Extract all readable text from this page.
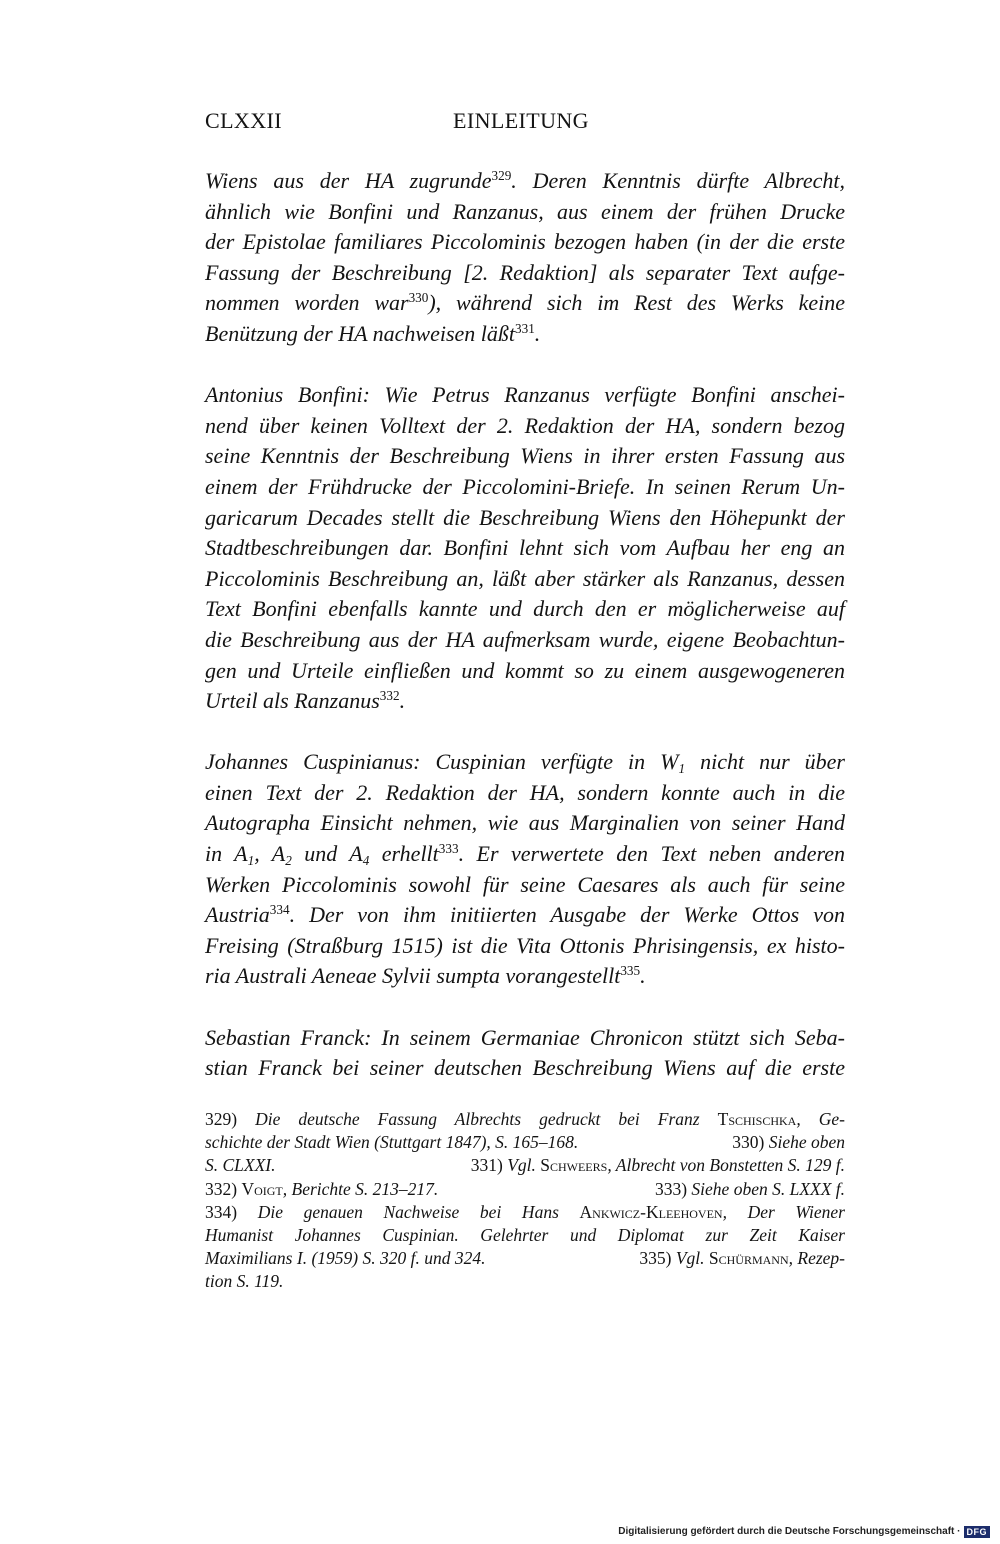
CLXXII	EINLEITUNG
Wiens aus der HA zugrunde$^{329}$. Deren Kenntnis dürfte Albrecht,
ähnlich wie Bonfini und Ranzanus, aus einem der frühen Drucke
der Epistolae familiares Piccolominis bezogen haben (in der die erste
Fassung der Beschreibung [2. Redaktion] als separater Text aufge-
nommen worden war$^{330}$), während sich im Rest des Werks keine
Benützung der HA nachweisen läßt$^{331}$.
Antonius Bonfini: Wie Petrus Ranzanus verfügte Bonfini anschei-
nend über keinen Volltext der 2. Redaktion der HA, sondern bezog
seine Kenntnis der Beschreibung Wiens in ihrer ersten Fassung aus
einem der Frühdrucke der Piccolomini-Briefe. In seinen Rerum Un-
garicarum Decades stellt die Beschreibung Wiens den Höhepunkt der
Stadtbeschreibungen dar. Bonfini lehnt sich vom Aufbau her eng an
Piccolominis Beschreibung an, läßt aber stärker als Ranzanus, dessen
Text Bonfini ebenfalls kannte und durch den er möglicherweise auf
die Beschreibung aus der HA aufmerksam wurde, eigene Beobachtun-
gen und Urteile einfließen und kommt so zu einem ausgewogeneren
Urteil als Ranzanus$^{332}$.
Johannes Cuspinianus: Cuspinian verfügte in W1 nicht nur über
einen Text der 2. Redaktion der HA, sondern konnte auch in die
Autographa Einsicht nehmen, wie aus Marginalien von seiner Hand
in A1, A2 und A4 erhellt$^{333}$. Er verwertete den Text neben anderen
Werken Piccolominis sowohl für seine Caesares als auch für seine
Austria$^{334}$. Der von ihm initiierten Ausgabe der Werke Ottos von
Freising (Straßburg 1515) ist die Vita Ottonis Phrisingensis, ex histo-
ria Australi Aeneae Sylvii sumpta vorangestellt$^{335}$.
Sebastian Franck: In seinem Germaniae Chronicon stützt sich Seba-
stian Franck bei seiner deutschen Beschreibung Wiens auf die erste
329) Die deutsche Fassung Albrechts gedruckt bei Franz Tschischka, Ge-
schichte der Stadt Wien (Stuttgart 1847), S. 165–168.	330) Siehe oben
S. CLXXI.	331) Vgl. Schweers, Albrecht von Bonstetten S. 129 f.
332) Voigt, Berichte S. 213–217.	333) Siehe oben S. LXXX f.
334) Die genauen Nachweise bei Hans Ankwicz-Kleehoven, Der Wiener
Humanist Johannes Cuspinian. Gelehrter und Diplomat zur Zeit Kaiser
Maximilians I. (1959) S. 320 f. und 324.	335) Vgl. Schürmann, Rezep-
tion S. 119.
Digitalisierung gefördert durch die Deutsche Forschungsgemeinschaft · DFG
